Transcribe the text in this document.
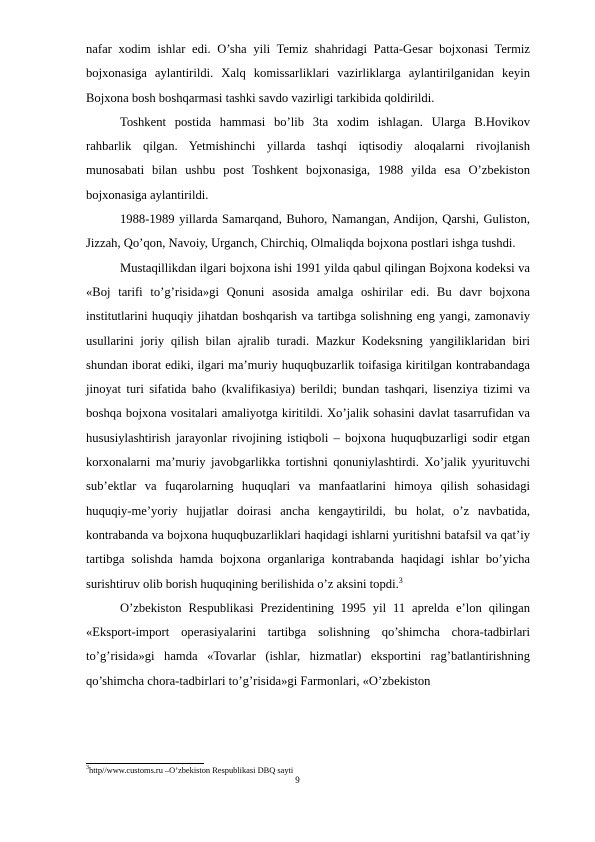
nafar xodim ishlar edi. O’sha yili Temiz shahridagi Patta-Gesar bojxonasi Termiz bojxonasiga aylantirildi. Xalq komissarliklari vazirliklarga aylantirilganidan keyin Bojxona bosh boshqarmasi tashki savdo vazirligi tarkibida qoldirildi.

Toshkent postida hammasi bo’lib 3ta xodim ishlagan. Ularga B.Hovikov rahbarlik qilgan. Yetmishinchi yillarda tashqi iqtisodiy aloqalarni rivojlanish munosabati bilan ushbu post Toshkent bojxonasiga, 1988 yilda esa O’zbekiston bojxonasiga aylantirildi.

1988-1989 yillarda Samarqand, Buhoro, Namangan, Andijon, Qarshi, Guliston, Jizzah, Qo’qon, Navoiy, Urganch, Chirchiq, Olmaliqda bojxona postlari ishga tushdi.

Mustaqillikdan ilgari bojxona ishi 1991 yilda qabul qilingan Bojxona kodeksi va «Boj tarifi to’g’risida»gi Qonuni asosida amalga oshirilar edi. Bu davr bojxona institutlarini huquqiy jihatdan boshqarish va tartibga solishning eng yangi, zamonaviy usullarini joriy qilish bilan ajralib turadi. Mazkur Kodeksning yangiliklaridan biri shundan iborat ediki, ilgari ma’muriy huquqbuzarlik toifasiga kiritilgan kontrabandaga jinoyat turi sifatida baho (kvalifikasiya) berildi; bundan tashqari, lisenziya tizimi va boshqa bojxona vositalari amaliyotga kiritildi. Xo’jalik sohasini davlat tasarrufidan va hususiylashtirish jarayonlar rivojining istiqboli – bojxona huquqbuzarligi sodir etgan korxonalarni ma’muriy javobgarlikka tortishni qonuniylashtirdi. Xo’jalik yyurituvchi sub’ektlar va fuqarolarning huquqlari va manfaatlarini himoya qilish sohasidagi huquqiy-me’yoriy hujjatlar doirasi ancha kengaytirildi, bu holat, o’z navbatida, kontrabanda va bojxona huquqbuzarliklari haqidagi ishlarni yuritishni batafsil va qat’iy tartibga solishda hamda bojxona organlariga kontrabanda haqidagi ishlar bo’yicha surishtiruv olib borish huquqining berilishida o’z aksini topdi.$^3$

O’zbekiston Respublikasi Prezidentining 1995 yil 11 aprelda e’lon qilingan «Eksport-import operasiyalarini tartibga solishning qo’shimcha chora-tadbirlari to’g’risida»gi hamda «Tovarlar (ishlar, hizmatlar) eksportini rag’batlantirishning qo’shimcha chora-tadbirlari to’g’risida»gi Farmonlari, «O’zbekiston

$^3$http//www.customs.ru –O’zbekiston Respublikasi DBQ sayti
9
